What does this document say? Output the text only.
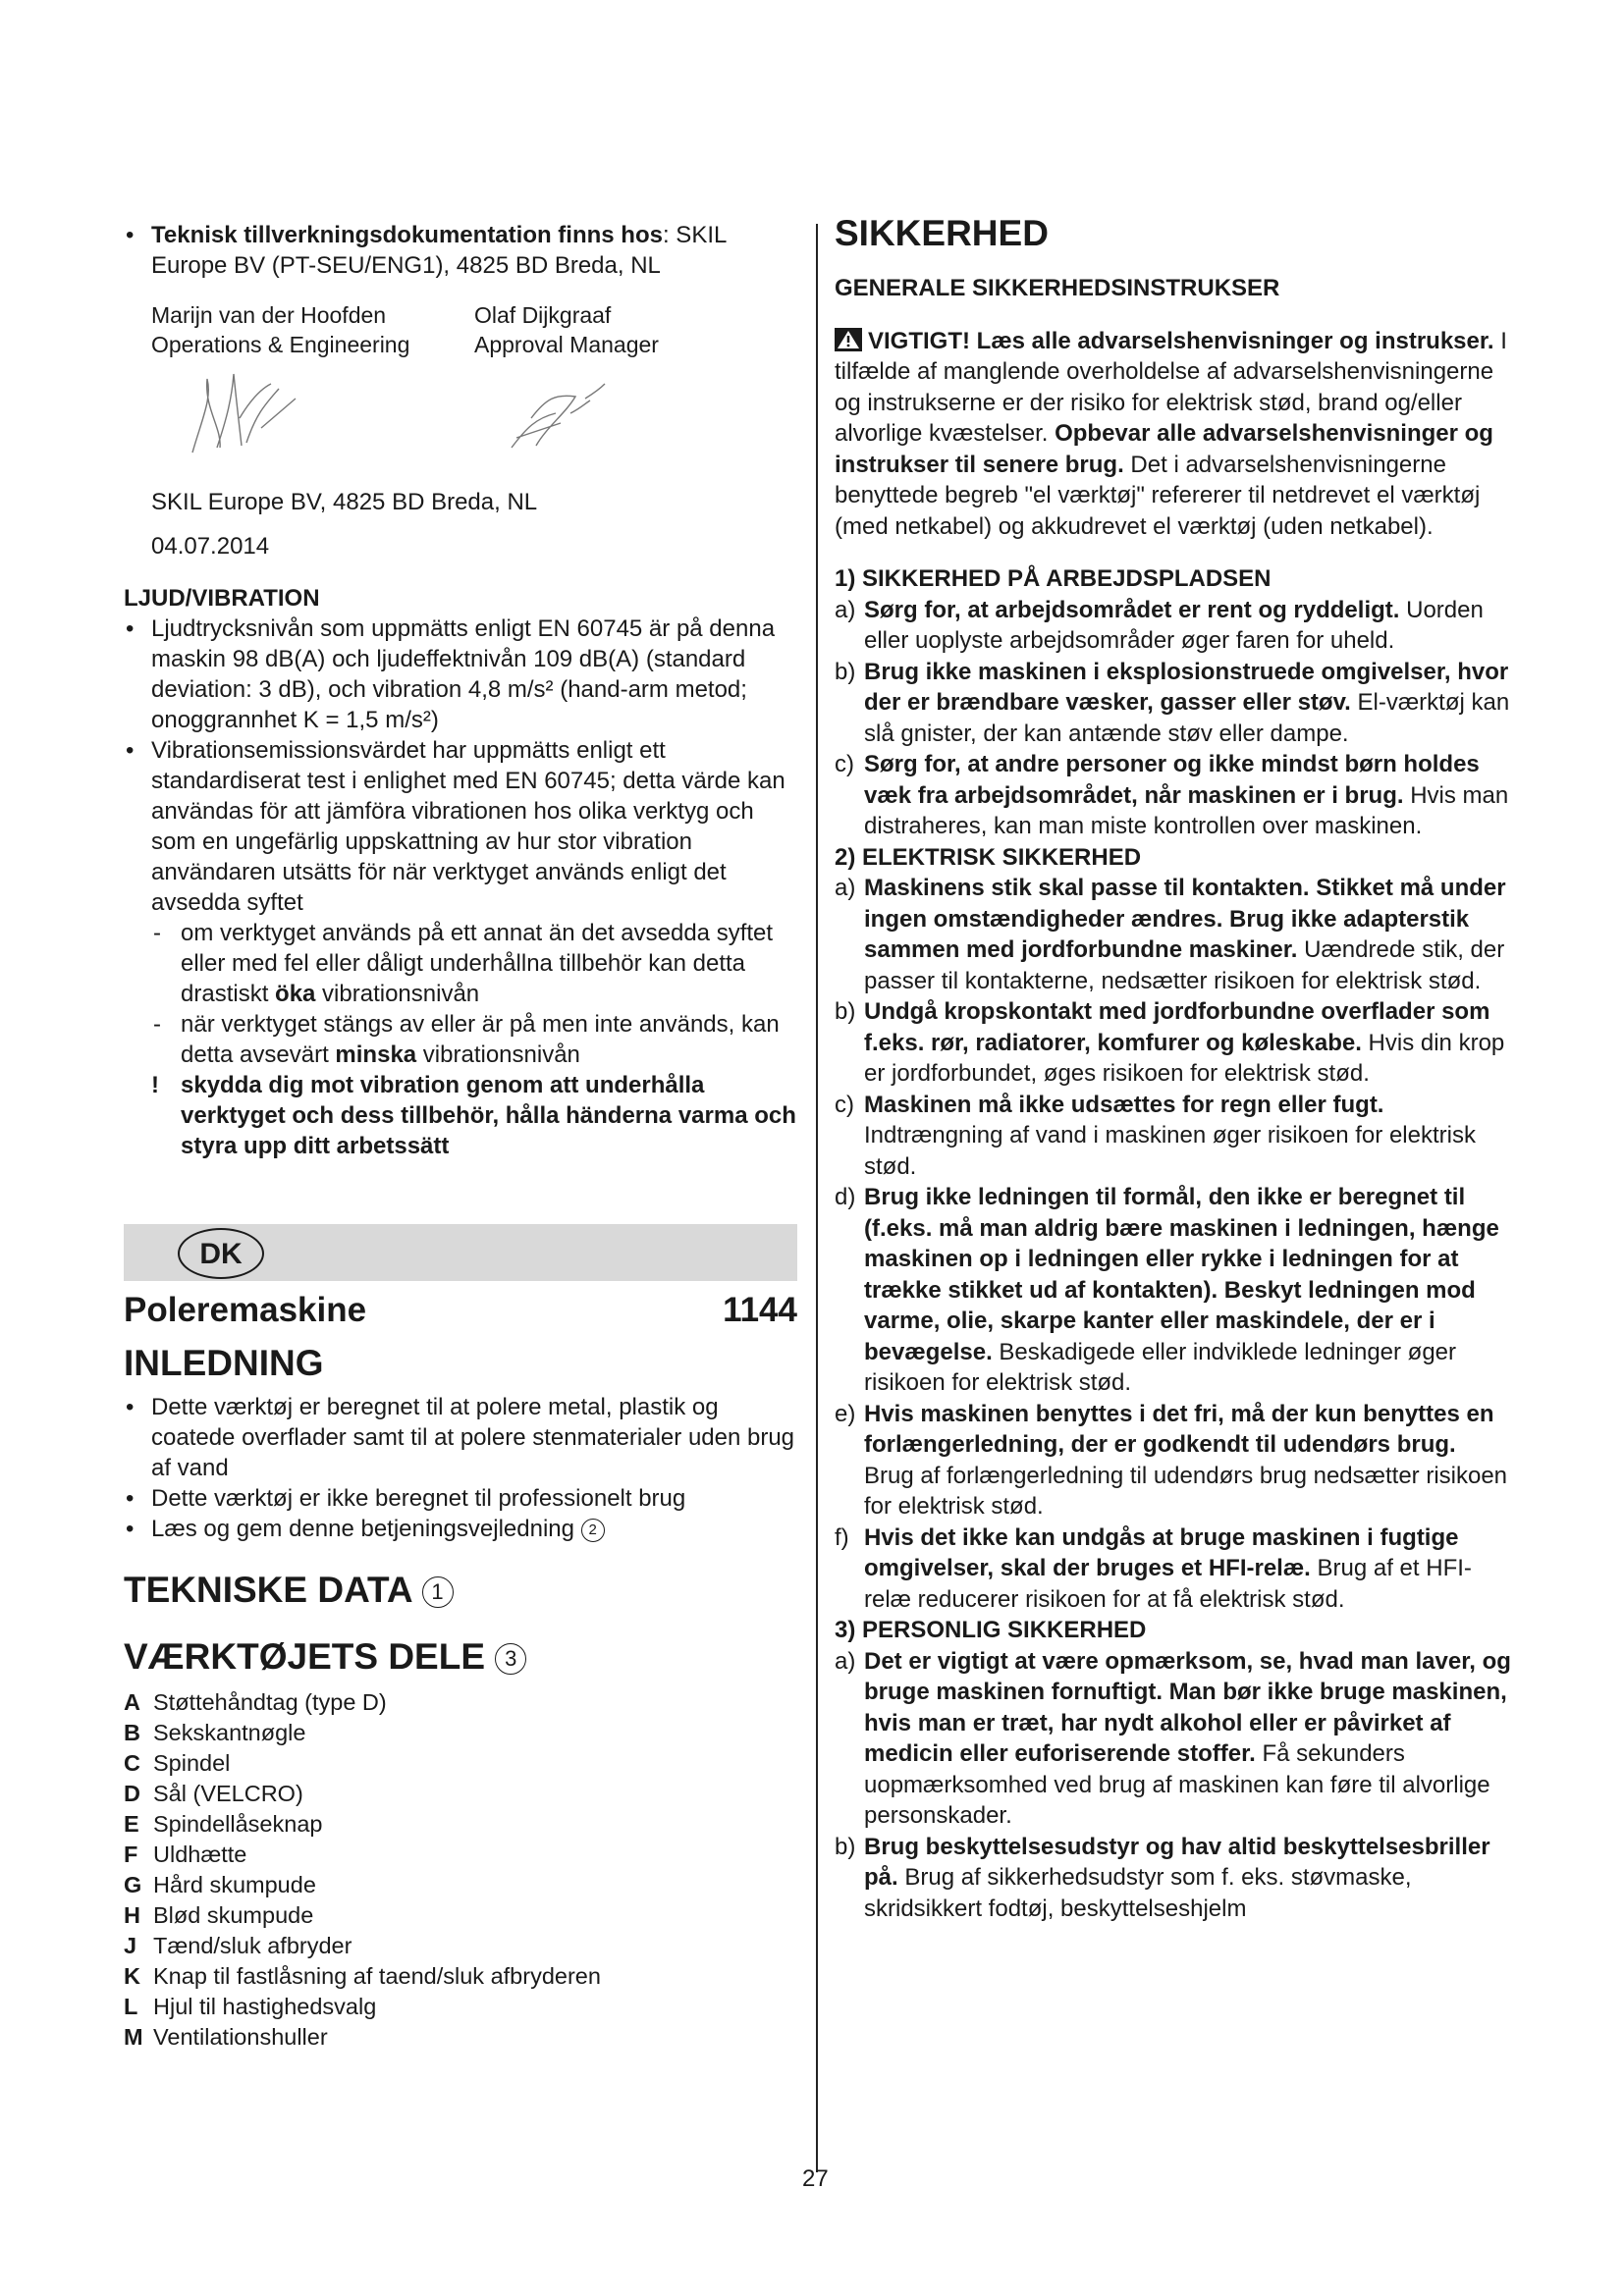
• Teknisk tillverkningsdokumentation finns hos: SKIL Europe BV (PT-SEU/ENG1), 4825 BD Breda, NL
Marijn van der Hoofden
Operations & Engineering
Olaf Dijkgraaf
Approval Manager
SKIL Europe BV, 4825 BD Breda, NL
04.07.2014
LJUD/VIBRATION
• Ljudtrycksnivån som uppmätts enligt EN 60745 är på denna maskin 98 dB(A) och ljudeffektnivån 109 dB(A) (standard deviation: 3 dB), och vibration 4,8 m/s² (hand-arm metod; onoggrannhet K = 1,5 m/s²)
• Vibrationsemissionsvärdet har uppmätts enligt ett standardiserat test i enlighet med EN 60745; detta värde kan användas för att jämföra vibrationen hos olika verktyg och som en ungefärlig uppskattning av hur stor vibration användaren utsätts för när verktyget används enligt det avsedda syftet
- om verktyget används på ett annat än det avsedda syftet eller med fel eller dåligt underhållna tillbehör kan detta drastiskt öka vibrationsnivån
- när verktyget stängs av eller är på men inte används, kan detta avsevärt minska vibrationsnivån
! skydda dig mot vibration genom att underhålla verktyget och dess tillbehör, hålla händerna varma och styra upp ditt arbetssätt
DK
Poleremaskine	1144
INLEDNING
• Dette værktøj er beregnet til at polere metal, plastik og coatede overflader samt til at polere stenmaterialer uden brug af vand
• Dette værktøj er ikke beregnet til professionelt brug
• Læs og gem denne betjeningsvejledning 2
TEKNISKE DATA 1
VÆRKTØJETS DELE 3
A Støttehåndtag (type D)
B Sekskantnøgle
C Spindel
D Sål (VELCRO)
E Spindellåseknap
F Uldhætte
G Hård skumpude
H Blød skumpude
J Tænd/sluk afbryder
K Knap til fastlåsning af taend/sluk afbryderen
L Hjul til hastighedsvalg
M Ventilationshuller
SIKKERHED
GENERALE SIKKERHEDSINSTRUKSER
VIGTIGT! Læs alle advarselshenvisninger og instrukser. I tilfælde af manglende overholdelse af advarselshenvisningerne og instrukserne er der risiko for elektrisk stød, brand og/eller alvorlige kvæstelser. Opbevar alle advarselshenvisninger og instrukser til senere brug. Det i advarselshenvisningerne benyttede begreb "el værktøj" refererer til netdrevet el værktøj (med netkabel) og akkudrevet el værktøj (uden netkabel).
1) SIKKERHED PÅ ARBEJDSPLADSEN
a) Sørg for, at arbejdsområdet er rent og ryddeligt. Uorden eller uoplyste arbejdsområder øger faren for uheld.
b) Brug ikke maskinen i eksplosionstruede omgivelser, hvor der er brændbare væsker, gasser eller støv. El-værktøj kan slå gnister, der kan antænde støv eller dampe.
c) Sørg for, at andre personer og ikke mindst børn holdes væk fra arbejdsområdet, når maskinen er i brug. Hvis man distraheres, kan man miste kontrollen over maskinen.
2) ELEKTRISK SIKKERHED
a) Maskinens stik skal passe til kontakten. Stikket må under ingen omstændigheder ændres. Brug ikke adapterstik sammen med jordforbundne maskiner. Uændrede stik, der passer til kontakterne, nedsætter risikoen for elektrisk stød.
b) Undgå kropskontakt med jordforbundne overflader som f.eks. rør, radiatorer, komfurer og køleskabe. Hvis din krop er jordforbundet, øges risikoen for elektrisk stød.
c) Maskinen må ikke udsættes for regn eller fugt. Indtrængning af vand i maskinen øger risikoen for elektrisk stød.
d) Brug ikke ledningen til formål, den ikke er beregnet til (f.eks. må man aldrig bære maskinen i ledningen, hænge maskinen op i ledningen eller rykke i ledningen for at trække stikket ud af kontakten). Beskyt ledningen mod varme, olie, skarpe kanter eller maskindele, der er i bevægelse. Beskadigede eller indviklede ledninger øger risikoen for elektrisk stød.
e) Hvis maskinen benyttes i det fri, må der kun benyttes en forlængerledning, der er godkendt til udendørs brug. Brug af forlængerledning til udendørs brug nedsætter risikoen for elektrisk stød.
f) Hvis det ikke kan undgås at bruge maskinen i fugtige omgivelser, skal der bruges et HFI-relæ. Brug af et HFI-relæ reducerer risikoen for at få elektrisk stød.
3) PERSONLIG SIKKERHED
a) Det er vigtigt at være opmærksom, se, hvad man laver, og bruge maskinen fornuftigt. Man bør ikke bruge maskinen, hvis man er træt, har nydt alkohol eller er påvirket af medicin eller euforiserende stoffer. Få sekunders uopmærksomhed ved brug af maskinen kan føre til alvorlige personskader.
b) Brug beskyttelsesudstyr og hav altid beskyttelsesbriller på. Brug af sikkerhedsudstyr som f. eks. støvmaske, skridsikkert fodtøj, beskyttelseshjelm
27
